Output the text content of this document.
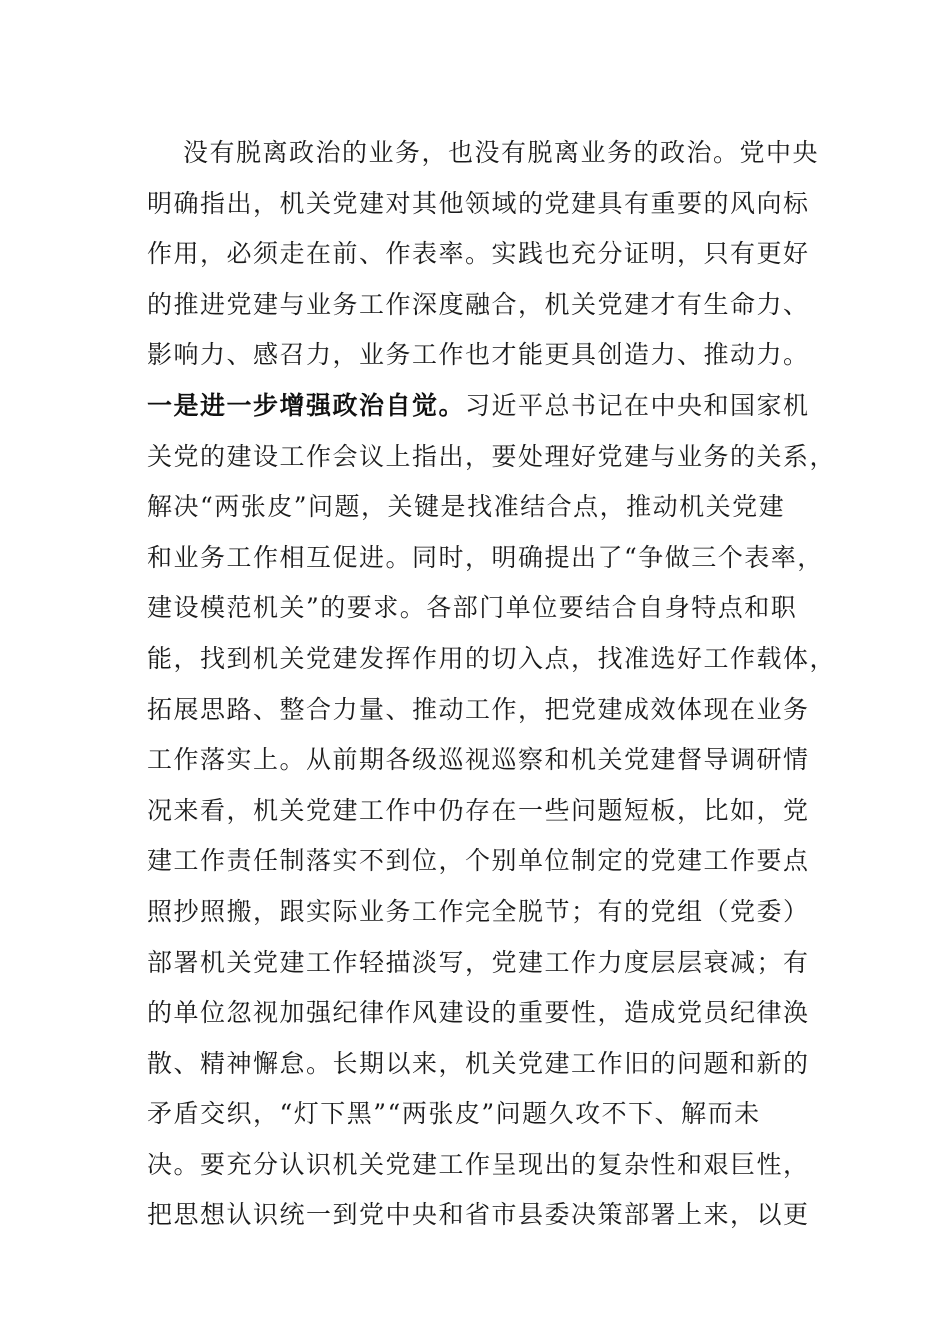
没有脱离政治的业务，也没有脱离业务的政治。党中央
明确指出，机关党建对其他领域的党建具有重要的风向标
作用，必须走在前、作表率。实践也充分证明，只有更好
的推进党建与业务工作深度融合，机关党建才有生命力、
影响力、感召力，业务工作也才能更具创造力、推动力。
一是进一步增强政治自觉。习近平总书记在中央和国家机
关党的建设工作会议上指出，要处理好党建与业务的关系，
解决“两张皮”问题，关键是找准结合点，推动机关党建
和业务工作相互促进。同时，明确提出了“争做三个表率，
建设模范机关”的要求。各部门单位要结合自身特点和职
能，找到机关党建发挥作用的切入点，找准选好工作载体，
拓展思路、整合力量、推动工作，把党建成效体现在业务
工作落实上。从前期各级巡视巡察和机关党建督导调研情
况来看，机关党建工作中仍存在一些问题短板，比如，党
建工作责任制落实不到位，个别单位制定的党建工作要点
照抄照搬，跟实际业务工作完全脱节；有的党组（党委）
部署机关党建工作轻描淡写，党建工作力度层层衰减；有
的单位忽视加强纪律作风建设的重要性，造成党员纪律涣
散、精神懈怠。长期以来，机关党建工作旧的问题和新的
矛盾交织，“灯下黑”“两张皮”问题久攻不下、解而未
决。要充分认识机关党建工作呈现出的复杂性和艰巨性，
把思想认识统一到党中央和省市县委决策部署上来，以更
